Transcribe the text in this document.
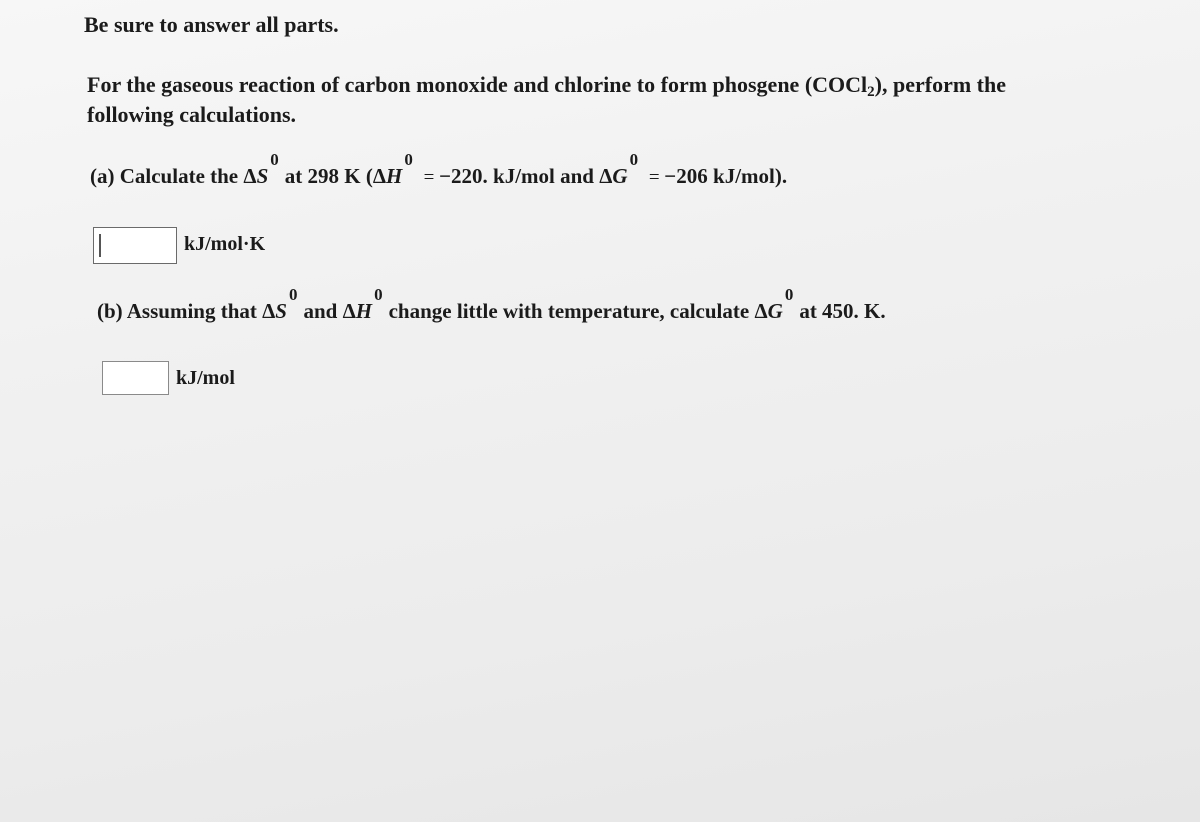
Be sure to answer all parts.
For the gaseous reaction of carbon monoxide and chlorine to form phosgene (COCl$_2$), perform the following calculations.
(a) Calculate the ΔS0at 298 K (ΔH0 = −220. kJ/mol and ΔG0 = −206 kJ/mol).
kJ/mol·K
(b) Assuming that ΔS0and ΔH0change little with temperature, calculate ΔG0at 450. K.
kJ/mol
